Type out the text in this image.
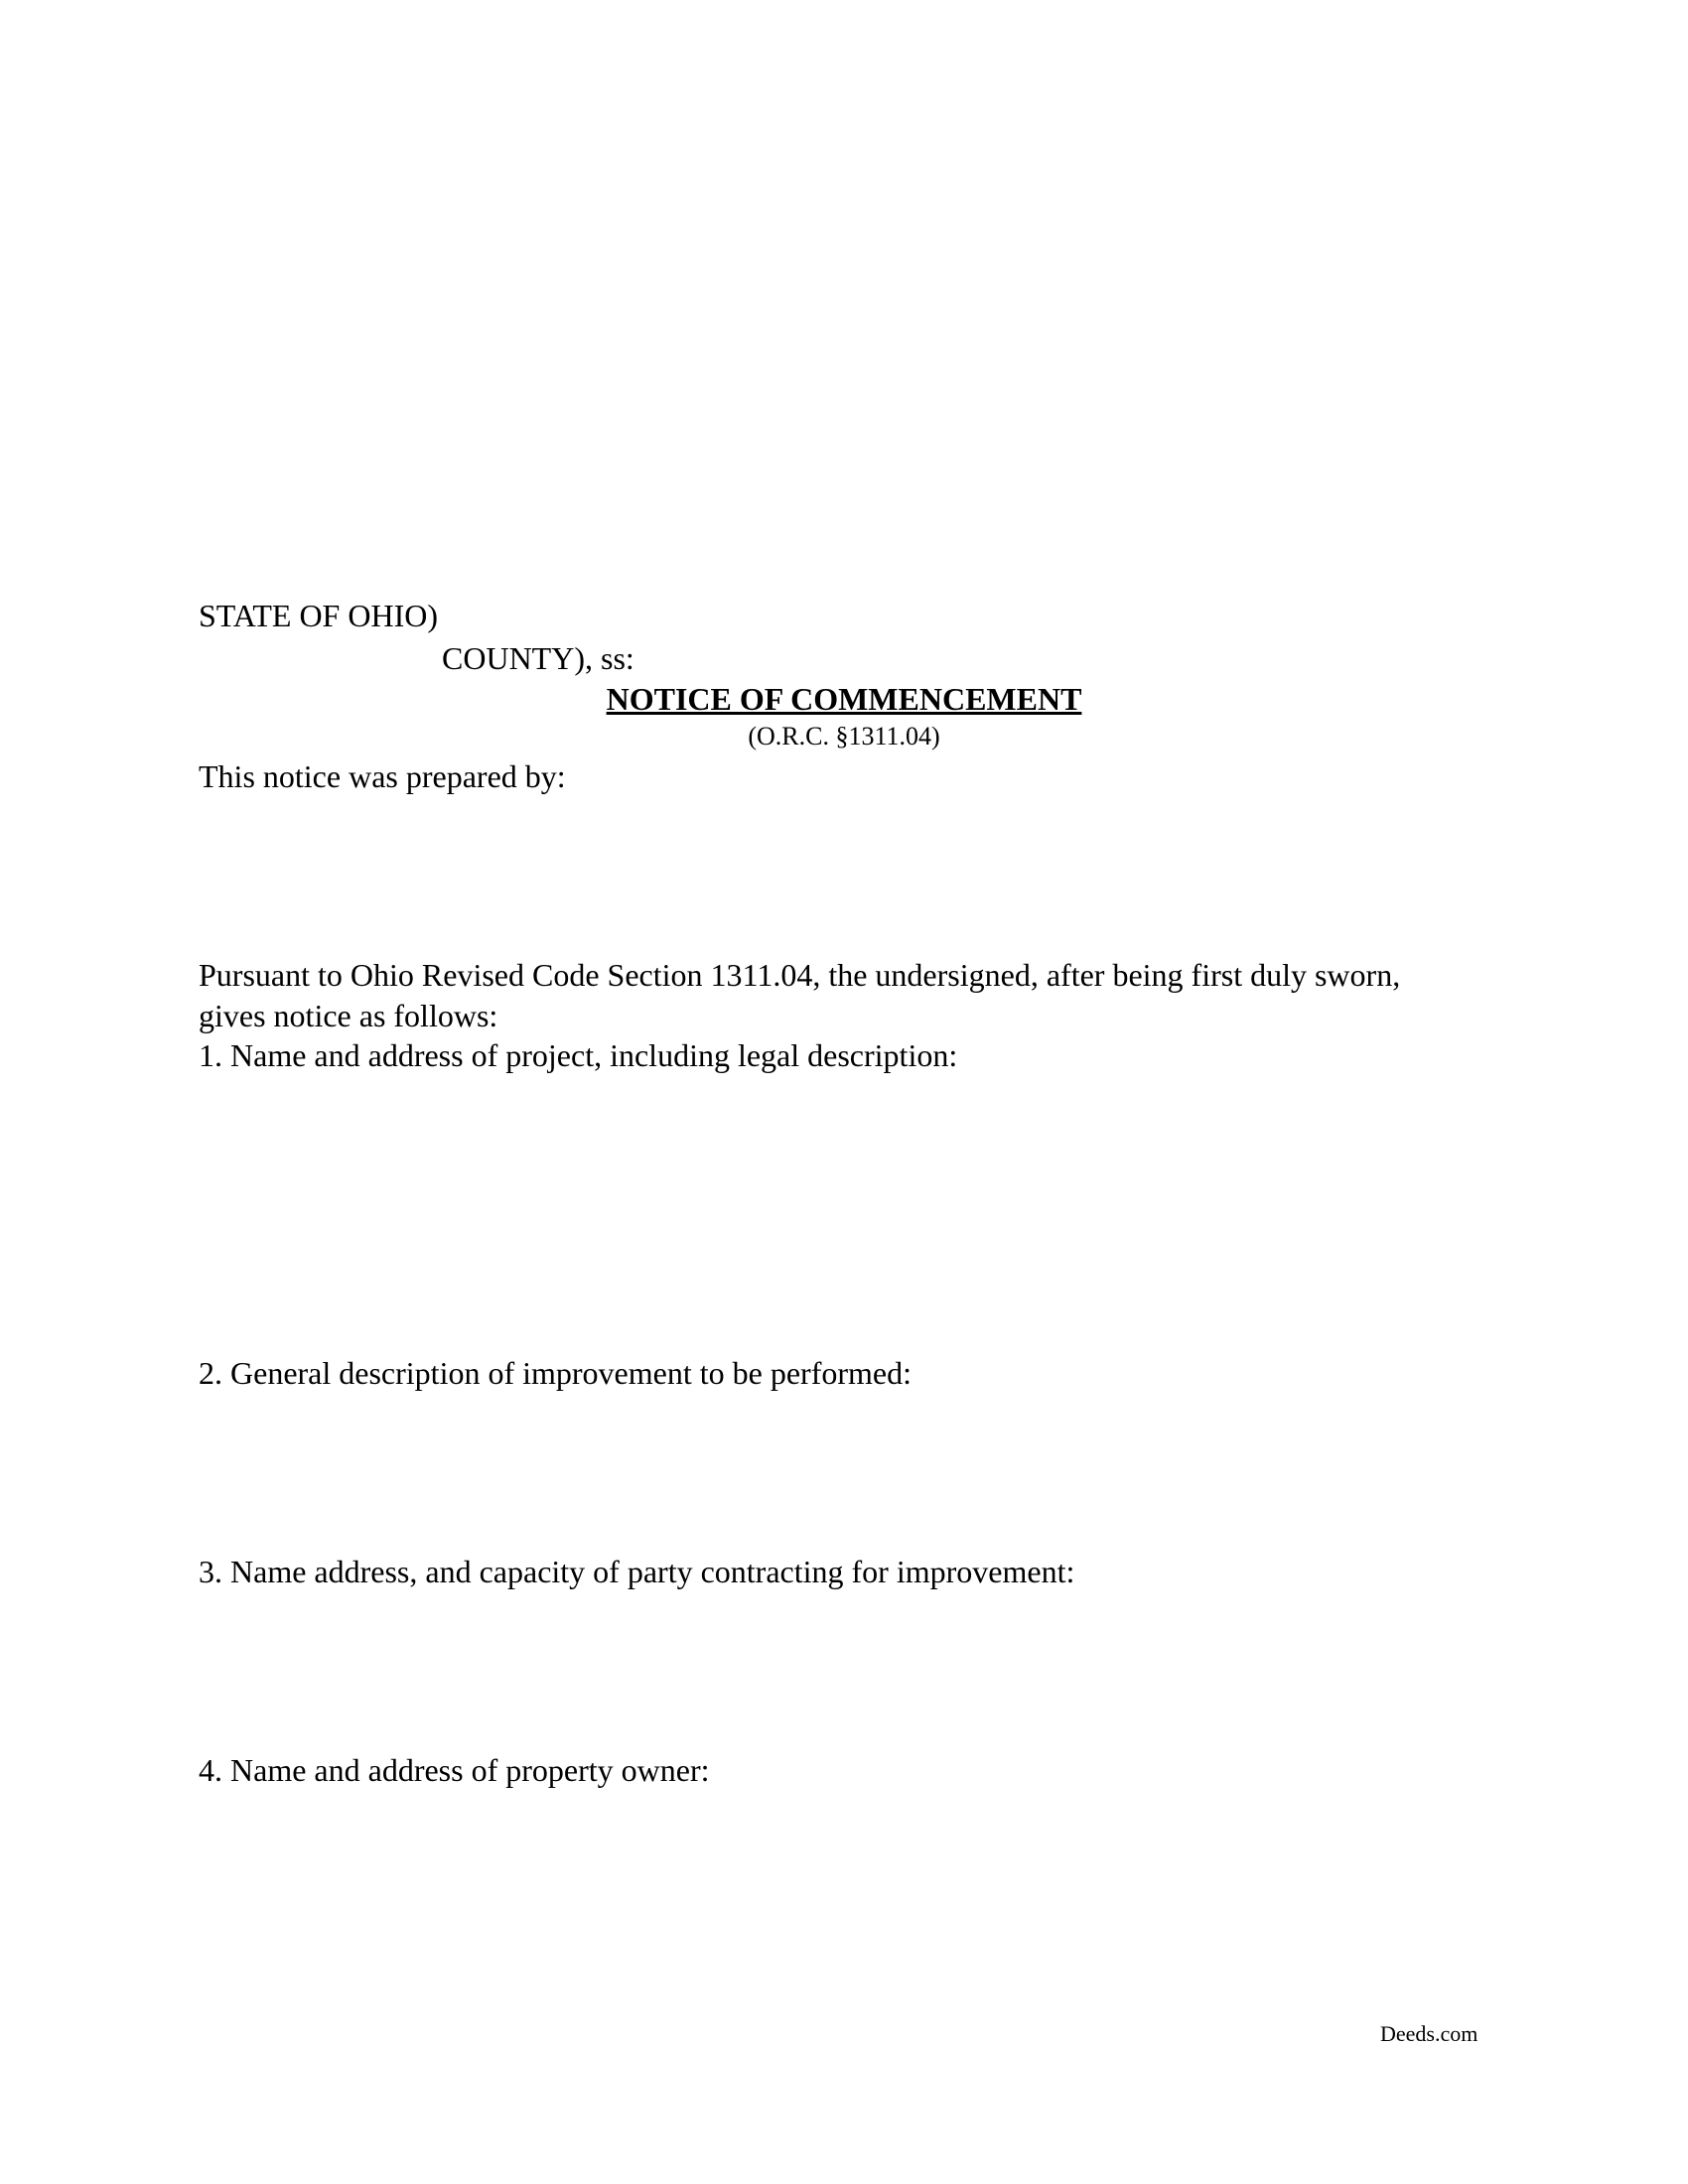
STATE OF OHIO)
COUNTY), ss:
NOTICE OF COMMENCEMENT
(O.R.C. §1311.04)
This notice was prepared by:
Pursuant to Ohio Revised Code Section 1311.04, the undersigned, after being first duly sworn,
gives notice as follows:
1. Name and address of project, including legal description:
2. General description of improvement to be performed:
3. Name address, and capacity of party contracting for improvement:
4. Name and address of property owner:
Deeds.com
